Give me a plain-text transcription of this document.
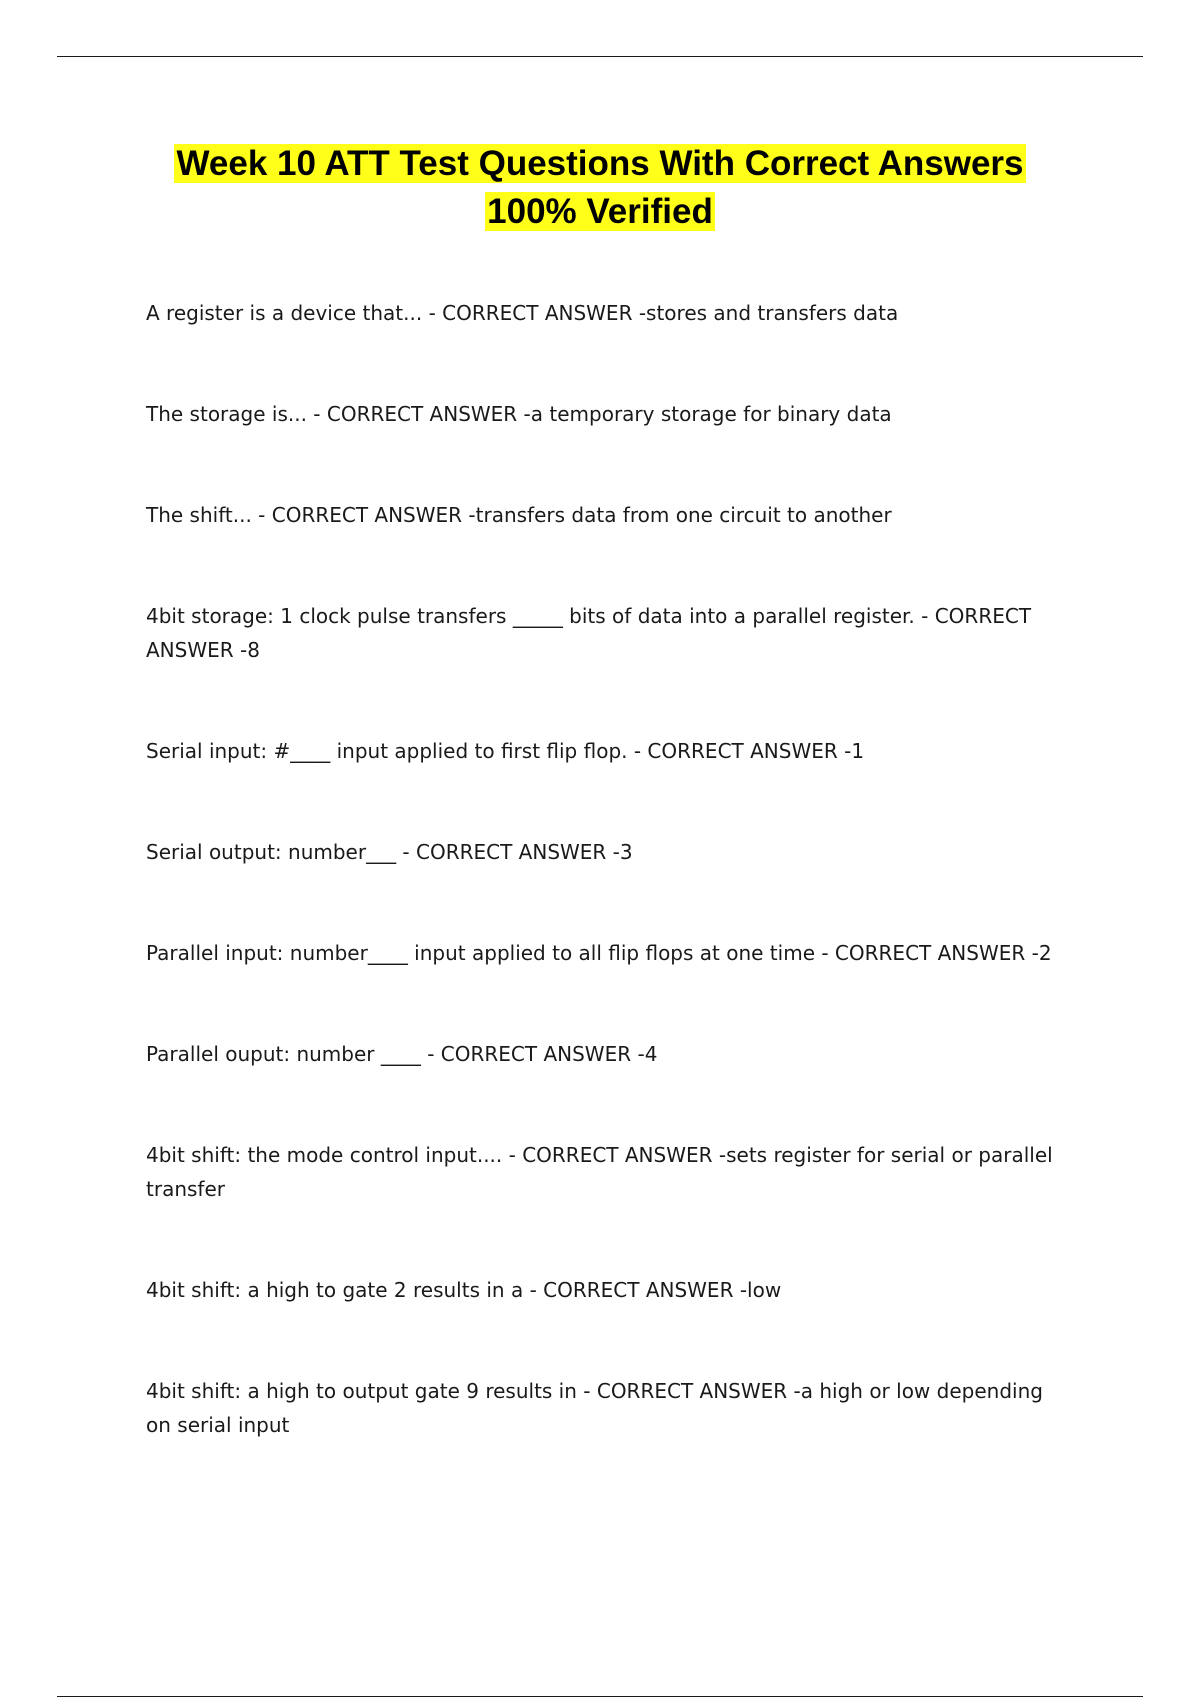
Week 10 ATT Test Questions With Correct Answers
100% Verified
A register is a device that... - CORRECT ANSWER -stores and transfers data
The storage is... - CORRECT ANSWER -a temporary storage for binary data
The shift... - CORRECT ANSWER -transfers data from one circuit to another
4bit storage: 1 clock pulse transfers _____ bits of data into a parallel register. - CORRECT ANSWER -8
Serial input: #____ input applied to first flip flop. - CORRECT ANSWER -1
Serial output: number___ - CORRECT ANSWER -3
Parallel input: number____ input applied to all flip flops at one time - CORRECT ANSWER -2
Parallel ouput: number ____ - CORRECT ANSWER -4
4bit shift: the mode control input.... - CORRECT ANSWER -sets register for serial or parallel transfer
4bit shift: a high to gate 2 results in a - CORRECT ANSWER -low
4bit shift: a high to output gate 9 results in - CORRECT ANSWER -a high or low depending on serial input
